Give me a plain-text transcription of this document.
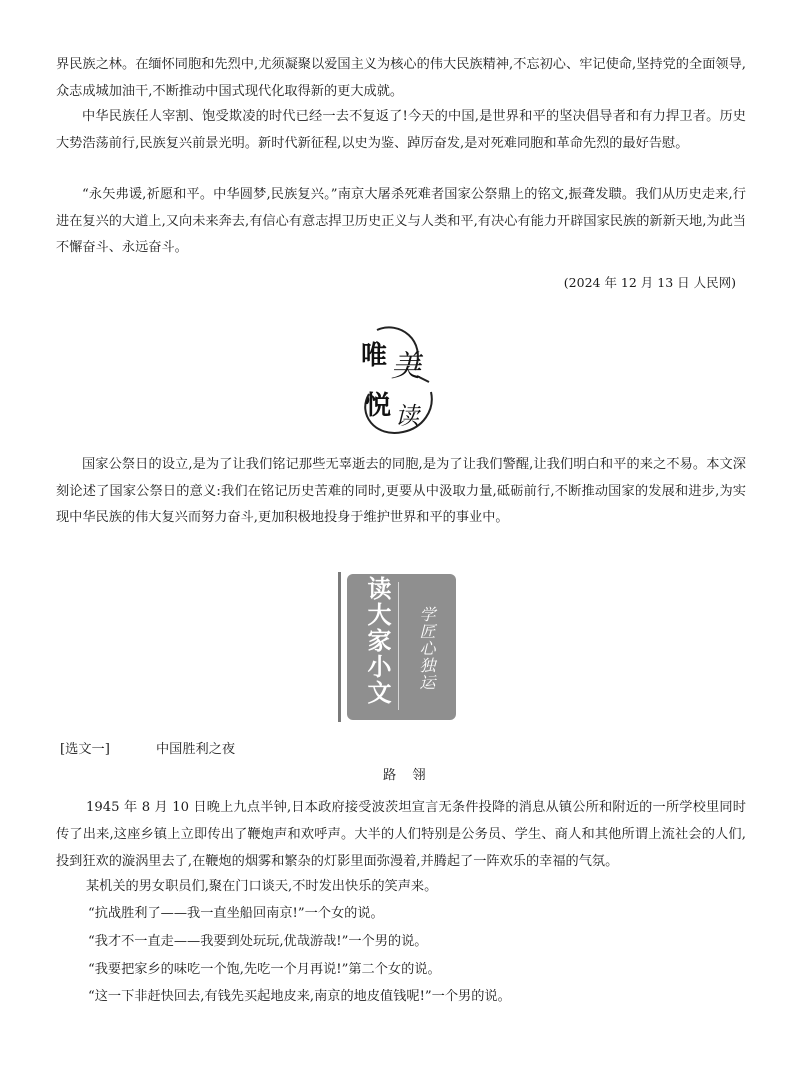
界民族之林。在缅怀同胞和先烈中,尤须凝聚以爱国主义为核心的伟大民族精神,不忘初心、牢记使命,坚持党的全面领导,众志成城加油干,不断推动中国式现代化取得新的更大成就。

中华民族任人宰割、饱受欺凌的时代已经一去不复返了!今天的中国,是世界和平的坚决倡导者和有力捍卫者。历史大势浩荡前行,民族复兴前景光明。新时代新征程,以史为鉴、踔厉奋发,是对死难同胞和革命先烈的最好告慰。

“永矢弗谖,祈愿和平。中华圆梦,民族复兴。”南京大屠杀死难者国家公祭鼎上的铭文,振聋发聩。我们从历史走来,行进在复兴的大道上,又向未来奔去,有信心有意志捍卫历史正义与人类和平,有决心有能力开辟国家民族的新新天地,为此当不懈奋斗、永远奋斗。

(2024 年 12 月 13 日 人民网)

唯 美
悦 读

国家公祭日的设立,是为了让我们铭记那些无辜逝去的同胞,是为了让我们警醒,让我们明白和平的来之不易。本文深刻论述了国家公祭日的意义:我们在铭记历史苦难的同时,更要从中汲取力量,砥砺前行,不断推动国家的发展和进步,为实现中华民族的伟大复兴而努力奋斗,更加积极地投身于维护世界和平的事业中。

读大家小文	学匠心独运
[选文一]	中国胜利之夜
路 翎

1945 年 8 月 10 日晚上九点半钟,日本政府接受波茨坦宣言无条件投降的消息从镇公所和附近的一所学校里同时传了出来,这座乡镇上立即传出了鞭炮声和欢呼声。大半的人们特别是公务员、学生、商人和其他所谓上流社会的人们,投到狂欢的漩涡里去了,在鞭炮的烟雾和繁杂的灯影里面弥漫着,并腾起了一阵欢乐的幸福的气氛。

某机关的男女职员们,聚在门口谈天,不时发出快乐的笑声来。

“抗战胜利了——我一直坐船回南京!”一个女的说。

“我才不一直走——我要到处玩玩,优哉游哉!”一个男的说。

“我要把家乡的味吃一个饱,先吃一个月再说!”第二个女的说。

“这一下非赶快回去,有钱先买起地皮来,南京的地皮值钱呢!”一个男的说。
